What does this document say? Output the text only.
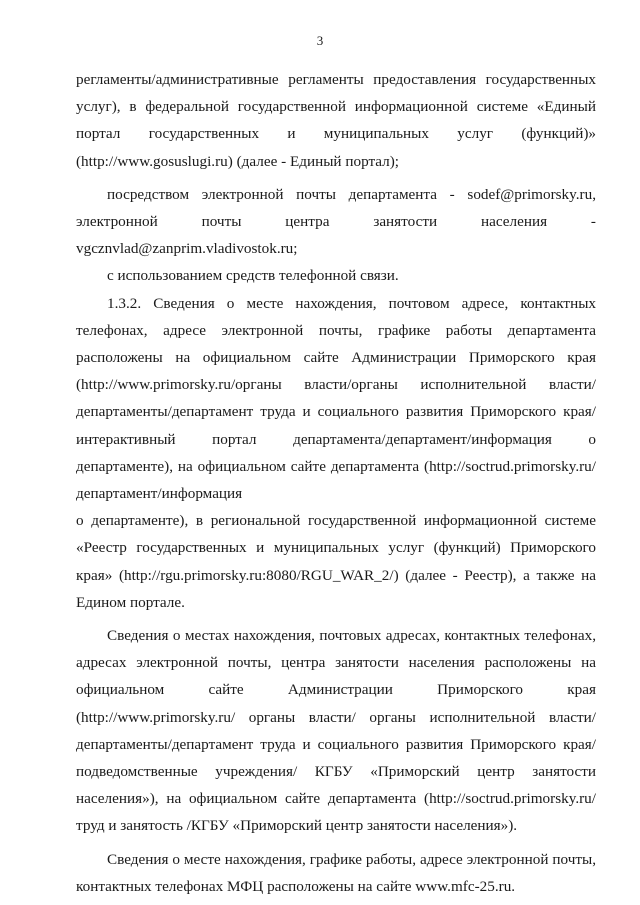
3

регламенты/административные регламенты предоставления государственных услуг), в федеральной государственной информационной системе «Единый портал государственных и муниципальных услуг (функций)» (http://www.gosuslugi.ru) (далее - Единый портал);

посредством электронной почты департамента - sodef@primorsky.ru, электронной почты центра занятости населения - vgcznvlad@zanprim.vladivostok.ru;

с использованием средств телефонной связи.

1.3.2. Сведения о месте нахождения, почтовом адресе, контактных телефонах, адресе электронной почты, графике работы департамента расположены на официальном сайте Администрации Приморского края (http://www.primorsky.ru/органы власти/органы исполнительной власти/департаменты/департамент труда и социального развития Приморского края/интерактивный портал департамента/департамент/информация о департаменте), на официальном сайте департамента (http://soctrud.primorsky.ru/ департамент/информация

о департаменте), в региональной государственной информационной системе «Реестр государственных и муниципальных услуг (функций) Приморского края» (http://rgu.primorsky.ru:8080/RGU_WAR_2/) (далее - Реестр), а также на Едином портале.

Сведения о местах нахождения, почтовых адресах, контактных телефонах, адресах электронной почты, центра занятости населения расположены на официальном сайте Администрации Приморского края (http://www.primorsky.ru/ органы власти/ органы исполнительной власти/департаменты/департамент труда и социального развития Приморского края/ подведомственные учреждения/ КГБУ «Приморский центр занятости населения»), на официальном сайте департамента (http://soctrud.primorsky.ru/ труд и занятость /КГБУ «Приморский центр занятости населения»).

Сведения о месте нахождения, графике работы, адресе электронной почты, контактных телефонах МФЦ расположены на сайте www.mfc-25.ru.
